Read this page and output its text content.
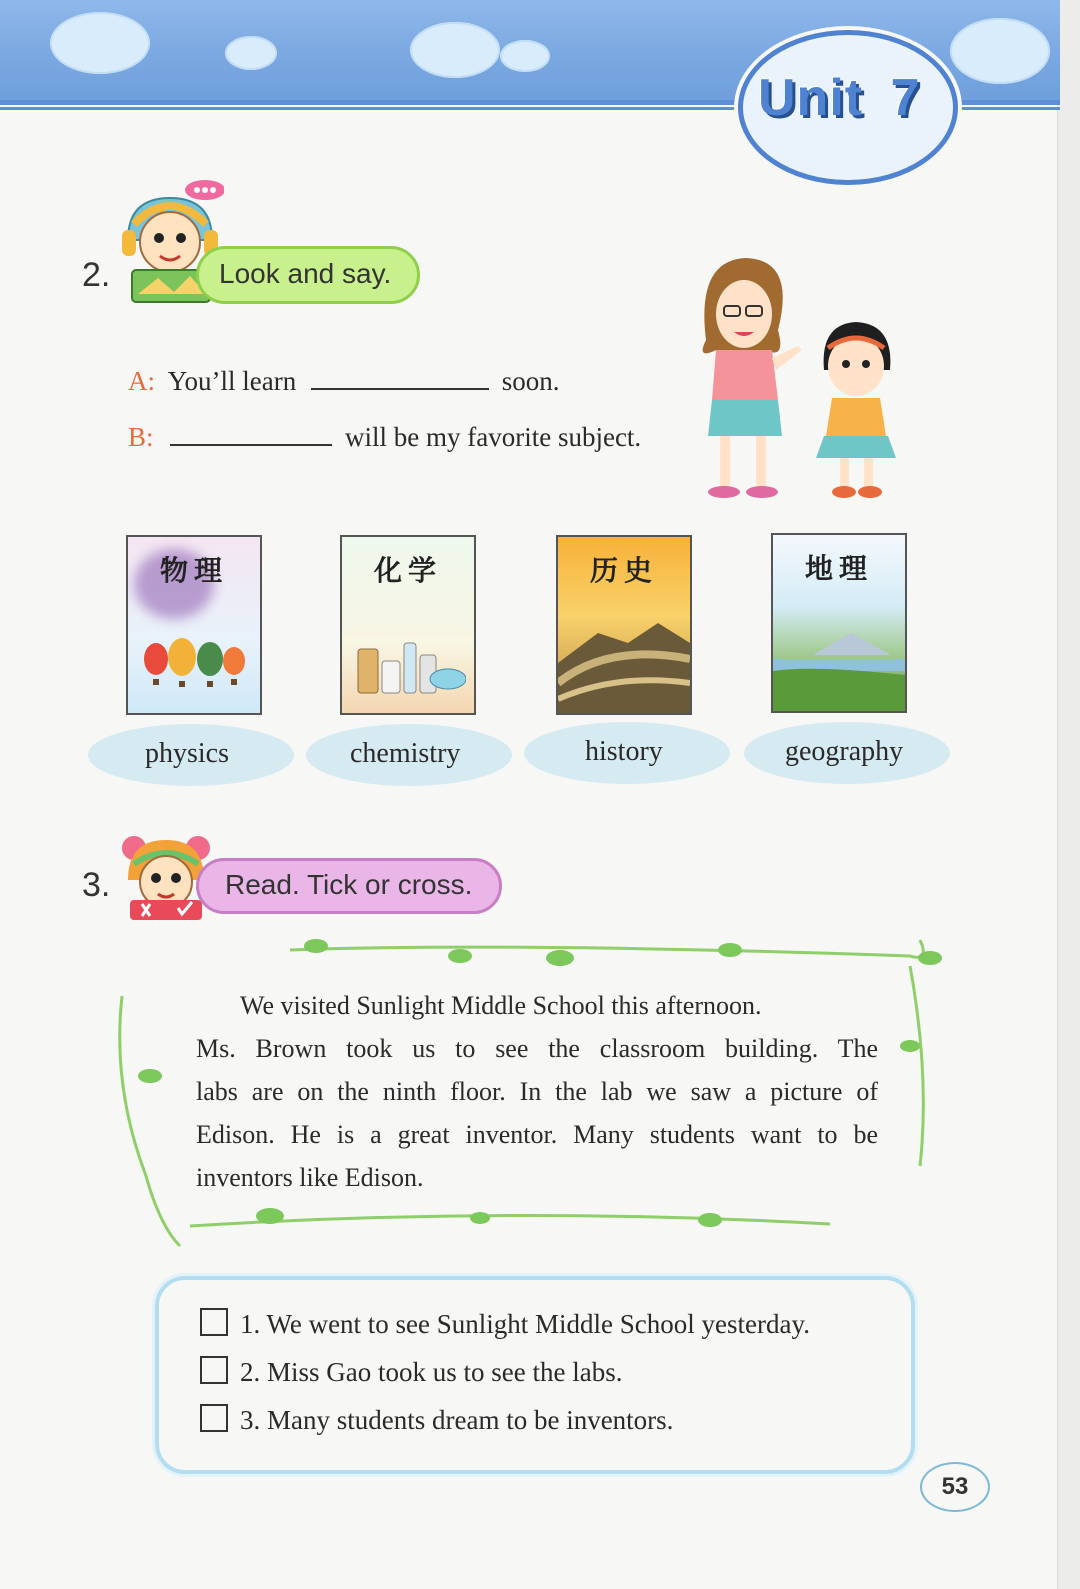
Unit 7
2.	Look and say.
A: You’ll learn	soon.
B:	will be my favorite subject.
物理	化学	历史	地理
physics	chemistry	history	geography
3.	Read. Tick or cross.

We visited Sunlight Middle School this afternoon.

Ms. Brown took us to see the classroom building. The

labs are on the ninth floor. In the lab we saw a picture of

Edison. He is a great inventor. Many students want to be

inventors like Edison.

1. We went to see Sunlight Middle School yesterday.
2. Miss Gao took us to see the labs.
3. Many students dream to be inventors.
53
